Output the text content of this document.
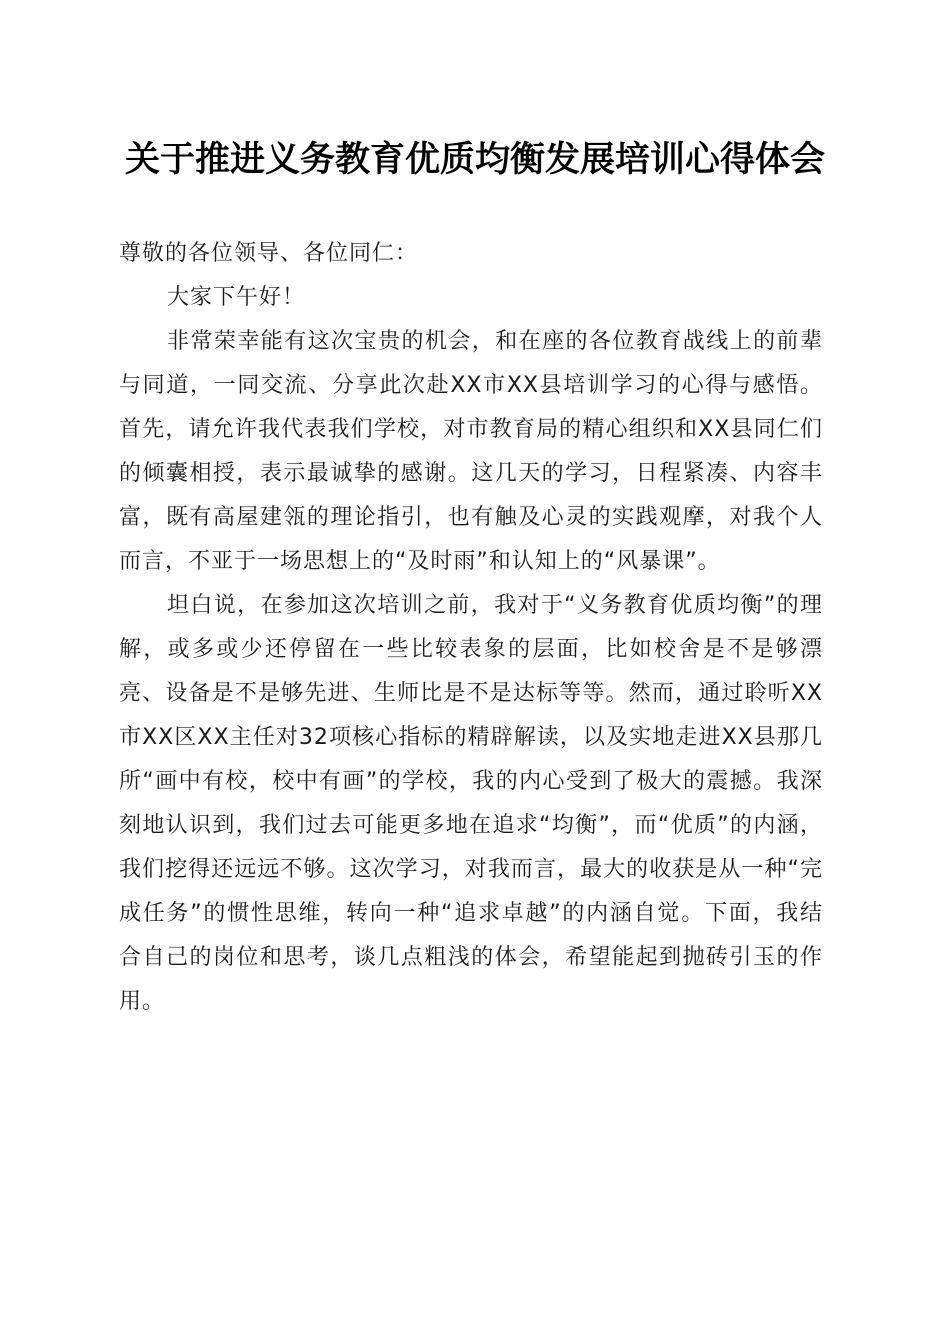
关于推进义务教育优质均衡发展培训心得体会

尊敬的各位领导、各位同仁：

大家下午好！

非常荣幸能有这次宝贵的机会，和在座的各位教育战线上的前辈与同道，一同交流、分享此次赴XX市XX县培训学习的心得与感悟。首先，请允许我代表我们学校，对市教育局的精心组织和XX县同仁们的倾囊相授，表示最诚挚的感谢。这几天的学习，日程紧凑、内容丰富，既有高屋建瓴的理论指引，也有触及心灵的实践观摩，对我个人而言，不亚于一场思想上的“及时雨”和认知上的“风暴课”。

坦白说，在参加这次培训之前，我对于“义务教育优质均衡”的理解，或多或少还停留在一些比较表象的层面，比如校舍是不是够漂亮、设备是不是够先进、生师比是不是达标等等。然而，通过聆听XX市XX区XX主任对32项核心指标的精辟解读，以及实地走进XX县那几所“画中有校，校中有画”的学校，我的内心受到了极大的震撼。我深刻地认识到，我们过去可能更多地在追求“均衡”，而“优质”的内涵，我们挖得还远远不够。这次学习，对我而言，最大的收获是从一种“完成任务”的惯性思维，转向一种“追求卓越”的内涵自觉。下面，我结合自己的岗位和思考，谈几点粗浅的体会，希望能起到抛砖引玉的作用。
